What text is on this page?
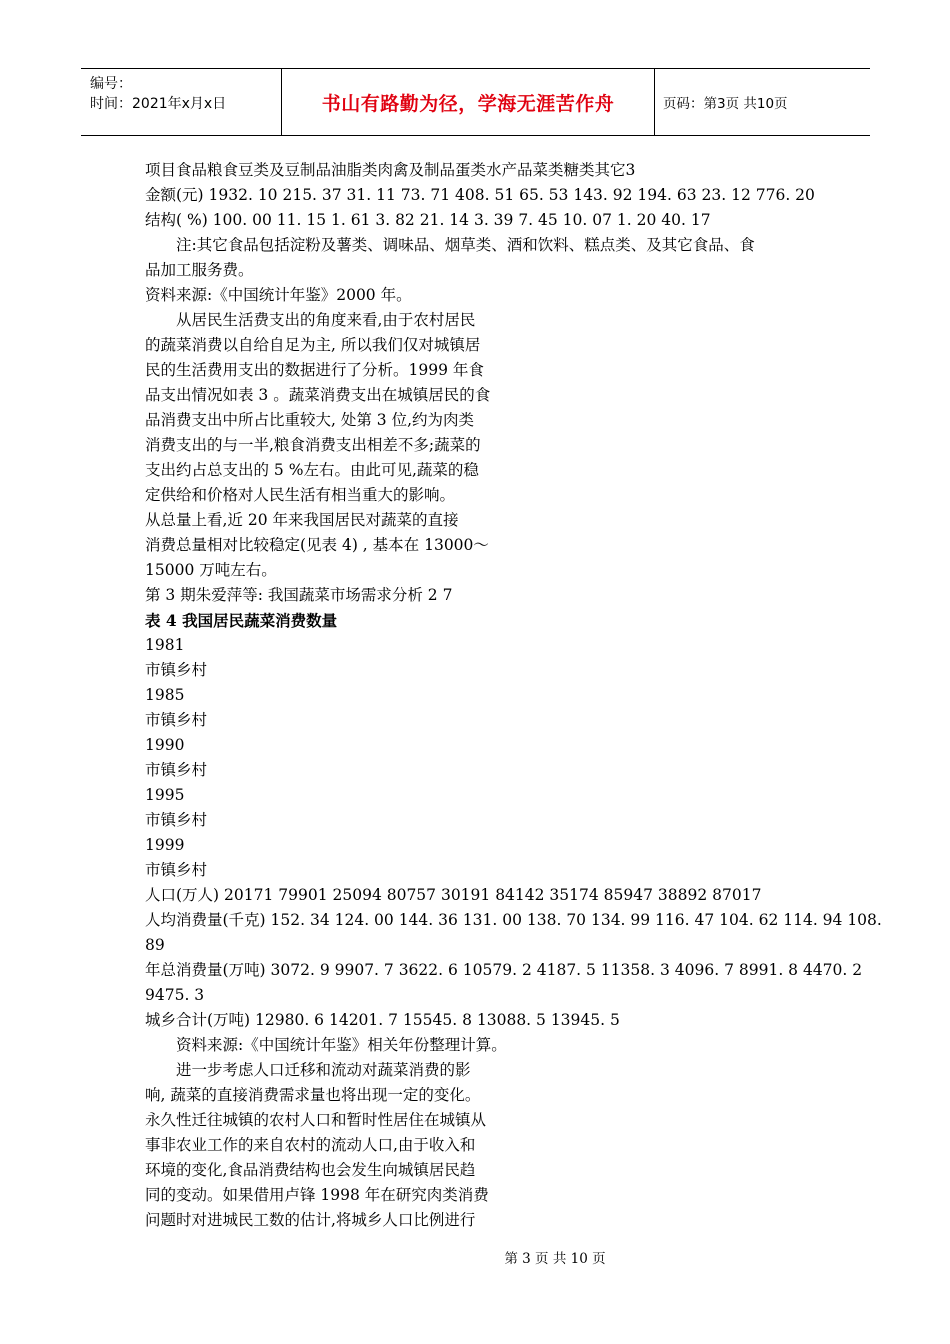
编号：
时间：2021年x月x日	书山有路勤为径，学海无涯苦作舟	页码：第3页 共10页
项目食品粮食豆类及豆制品油脂类肉禽及制品蛋类水产品菜类糖类其它3
金额(元) 1932. 10 215. 37 31. 11 73. 71 408. 51 65. 53 143. 92 194. 63 23. 12 776. 20
结构( %) 100. 00 11. 15 1. 61 3. 82 21. 14 3. 39 7. 45 10. 07 1. 20 40. 17
注:其它食品包括淀粉及薯类、调味品、烟草类、酒和饮料、糕点类、及其它食品、食
品加工服务费。
资料来源:《中国统计年鉴》2000 年。
从居民生活费支出的角度来看,由于农村居民
的蔬菜消费以自给自足为主, 所以我们仅对城镇居
民的生活费用支出的数据进行了分析。1999 年食
品支出情况如表 3 。蔬菜消费支出在城镇居民的食
品消费支出中所占比重较大, 处第 3 位,约为肉类
消费支出的与一半,粮食消费支出相差不多;蔬菜的
支出约占总支出的 5 %左右。由此可见,蔬菜的稳
定供给和价格对人民生活有相当重大的影响。
从总量上看,近 20 年来我国居民对蔬菜的直接
消费总量相对比较稳定(见表 4) , 基本在 13000～
15000 万吨左右。
第 3 期朱爱萍等: 我国蔬菜市场需求分析 2 7
表 4 我国居民蔬菜消费数量
1981
市镇乡村
1985
市镇乡村
1990
市镇乡村
1995
市镇乡村
1999
市镇乡村
人口(万人) 20171 79901 25094 80757 30191 84142 35174 85947 38892 87017
人均消费量(千克) 152. 34 124. 00 144. 36 131. 00 138. 70 134. 99 116. 47 104. 62 114. 94 108.
89
年总消费量(万吨) 3072. 9 9907. 7 3622. 6 10579. 2 4187. 5 11358. 3 4096. 7 8991. 8 4470. 2
9475. 3
城乡合计(万吨) 12980. 6 14201. 7 15545. 8 13088. 5 13945. 5
资料来源:《中国统计年鉴》相关年份整理计算。
进一步考虑人口迁移和流动对蔬菜消费的影
响, 蔬菜的直接消费需求量也将出现一定的变化。
永久性迁往城镇的农村人口和暂时性居住在城镇从
事非农业工作的来自农村的流动人口,由于收入和
环境的变化,食品消费结构也会发生向城镇居民趋
同的变动。如果借用卢锋 1998 年在研究肉类消费
问题时对进城民工数的估计,将城乡人口比例进行
第 3 页 共 10 页
